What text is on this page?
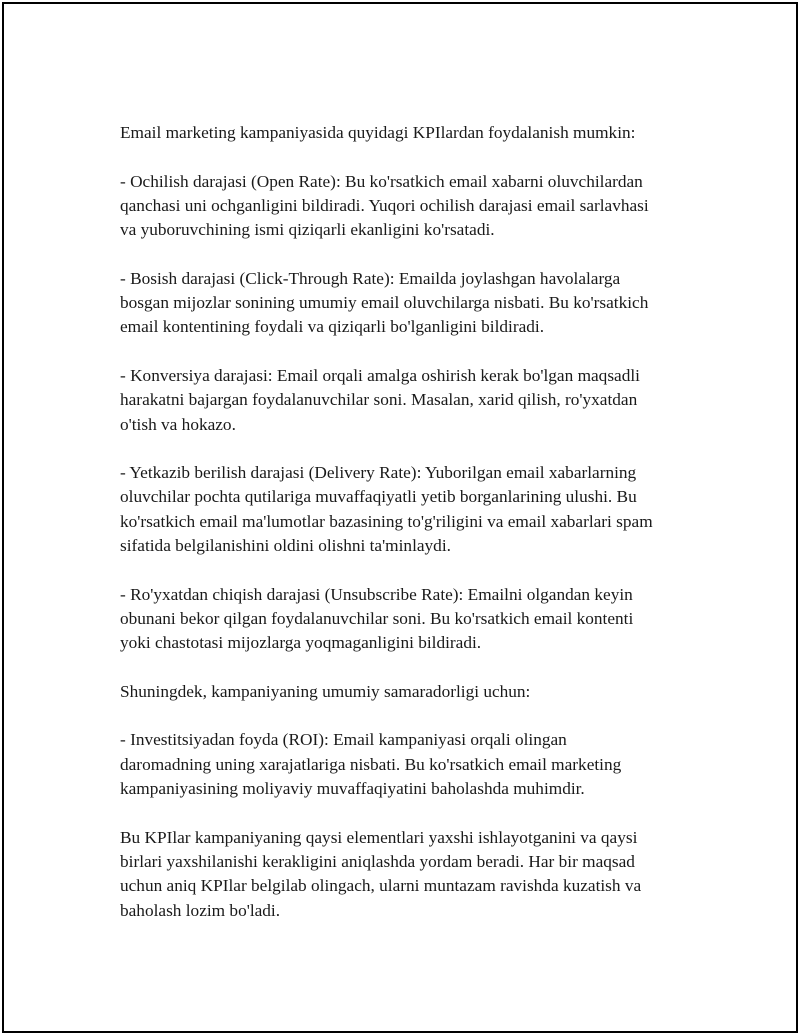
Email marketing kampaniyasida quyidagi KPIlardan foydalanish mumkin:

- Ochilish darajasi (Open Rate): Bu ko'rsatkich email xabarni oluvchilardan
qanchasi uni ochganligini bildiradi. Yuqori ochilish darajasi email sarlavhasi
va yuboruvchining ismi qiziqarli ekanligini ko'rsatadi.

- Bosish darajasi (Click-Through Rate): Emailda joylashgan havolalarga
bosgan mijozlar sonining umumiy email oluvchilarga nisbati. Bu ko'rsatkich
email kontentining foydali va qiziqarli bo'lganligini bildiradi.

- Konversiya darajasi: Email orqali amalga oshirish kerak bo'lgan maqsadli
harakatni bajargan foydalanuvchilar soni. Masalan, xarid qilish, ro'yxatdan
o'tish va hokazo.

- Yetkazib berilish darajasi (Delivery Rate): Yuborilgan email xabarlarning
oluvchilar pochta qutilariga muvaffaqiyatli yetib borganlarining ulushi. Bu
ko'rsatkich email ma'lumotlar bazasining to'g'riligini va email xabarlari spam
sifatida belgilanishini oldini olishni ta'minlaydi.

- Ro'yxatdan chiqish darajasi (Unsubscribe Rate): Emailni olgandan keyin
obunani bekor qilgan foydalanuvchilar soni. Bu ko'rsatkich email kontenti
yoki chastotasi mijozlarga yoqmaganligini bildiradi.

Shuningdek, kampaniyaning umumiy samaradorligi uchun:

- Investitsiyadan foyda (ROI): Email kampaniyasi orqali olingan
daromadning uning xarajatlariga nisbati. Bu ko'rsatkich email marketing
kampaniyasining moliyaviy muvaffaqiyatini baholashda muhimdir.

Bu KPIlar kampaniyaning qaysi elementlari yaxshi ishlayotganini va qaysi
birlari yaxshilanishi kerakligini aniqlashda yordam beradi. Har bir maqsad
uchun aniq KPIlar belgilab olingach, ularni muntazam ravishda kuzatish va
baholash lozim bo'ladi.
